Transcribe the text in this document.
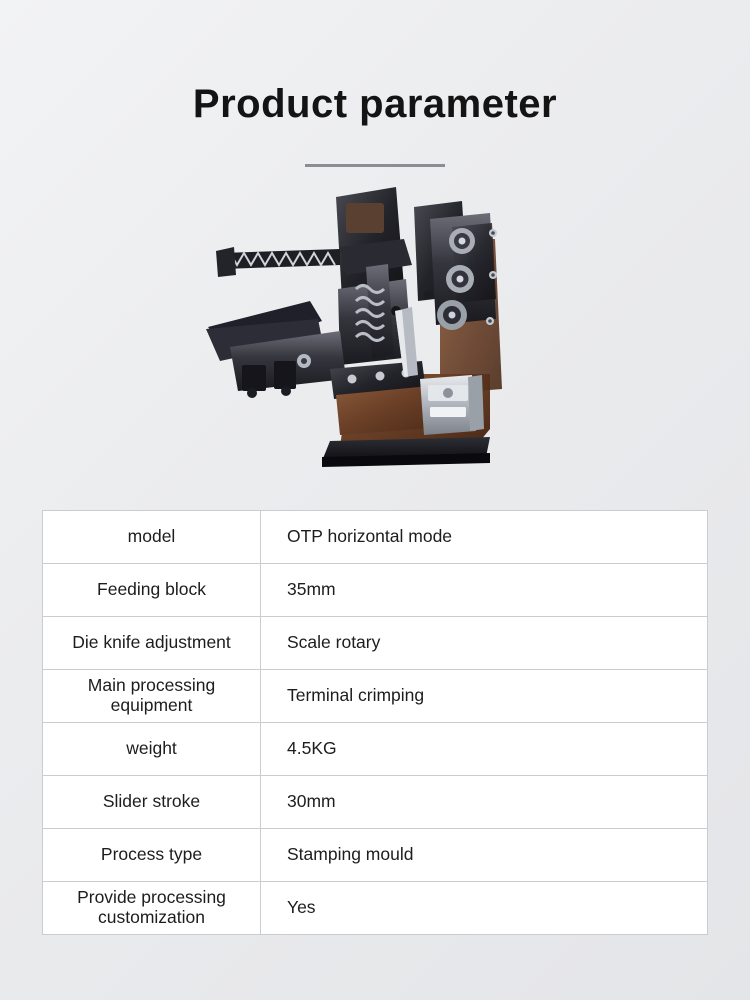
Product parameter
model	OTP horizontal mode
Feeding block	35mm
Die knife adjustment	Scale rotary
Main processing equipment	Terminal crimping
weight	4.5KG
Slider stroke	30mm
Process type	Stamping mould
Provide processing customization	Yes
